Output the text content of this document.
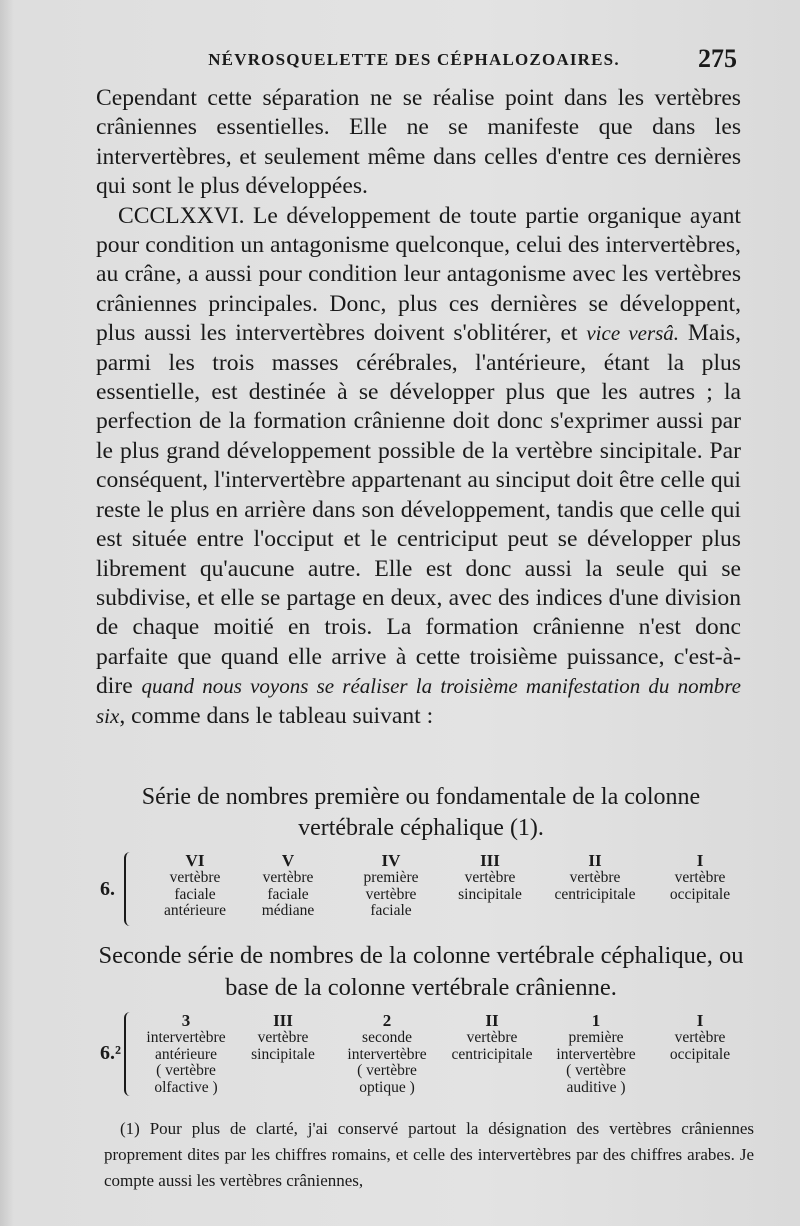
NÉVROSQUELETTE DES CÉPHALOZOAIRES.	275

Cependant cette séparation ne se réalise point dans les vertèbres crâniennes essentielles. Elle ne se manifeste que dans les intervertèbres, et seulement même dans celles d'entre ces dernières qui sont le plus développées.

CCCLXXVI. Le développement de toute partie organique ayant pour condition un antagonisme quelconque, celui des intervertèbres, au crâne, a aussi pour condition leur antagonisme avec les vertèbres crâniennes principales. Donc, plus ces dernières se développent, plus aussi les intervertèbres doivent s'oblitérer, et vice versâ. Mais, parmi les trois masses cérébrales, l'antérieure, étant la plus essentielle, est destinée à se développer plus que les autres ; la perfection de la formation crânienne doit donc s'exprimer aussi par le plus grand développement possible de la vertèbre sincipitale. Par conséquent, l'intervertèbre appartenant au sinciput doit être celle qui reste le plus en arrière dans son développement, tandis que celle qui est située entre l'occiput et le centriciput peut se développer plus librement qu'aucune autre. Elle est donc aussi la seule qui se subdivise, et elle se partage en deux, avec des indices d'une division de chaque moitié en trois. La formation crânienne n'est donc parfaite que quand elle arrive à cette troisième puissance, c'est-à-dire quand nous voyons se réaliser la troisième manifestation du nombre six, comme dans le tableau suivant :

Série de nombres première ou fondamentale de la colonne vertébrale céphalique (1).
6.
VI
vertèbre
faciale
antérieure
V
vertèbre
faciale
médiane
IV
première
vertèbre
faciale
III
vertèbre
sincipitale
II
vertèbre
centricipitale
I
vertèbre
occipitale
Seconde série de nombres de la colonne vertébrale céphalique, ou base de la colonne vertébrale crânienne.
6.²
3
intervertèbre
antérieure
( vertèbre
olfactive )
III
vertèbre
sincipitale
2
seconde
intervertèbre
( vertèbre
optique )
II
vertèbre
centricipitale
1
première
intervertèbre
( vertèbre
auditive )
I
vertèbre
occipitale

(1) Pour plus de clarté, j'ai conservé partout la désignation des vertèbres crâniennes proprement dites par les chiffres romains, et celle des intervertèbres par des chiffres arabes. Je compte aussi les vertèbres crâniennes,
